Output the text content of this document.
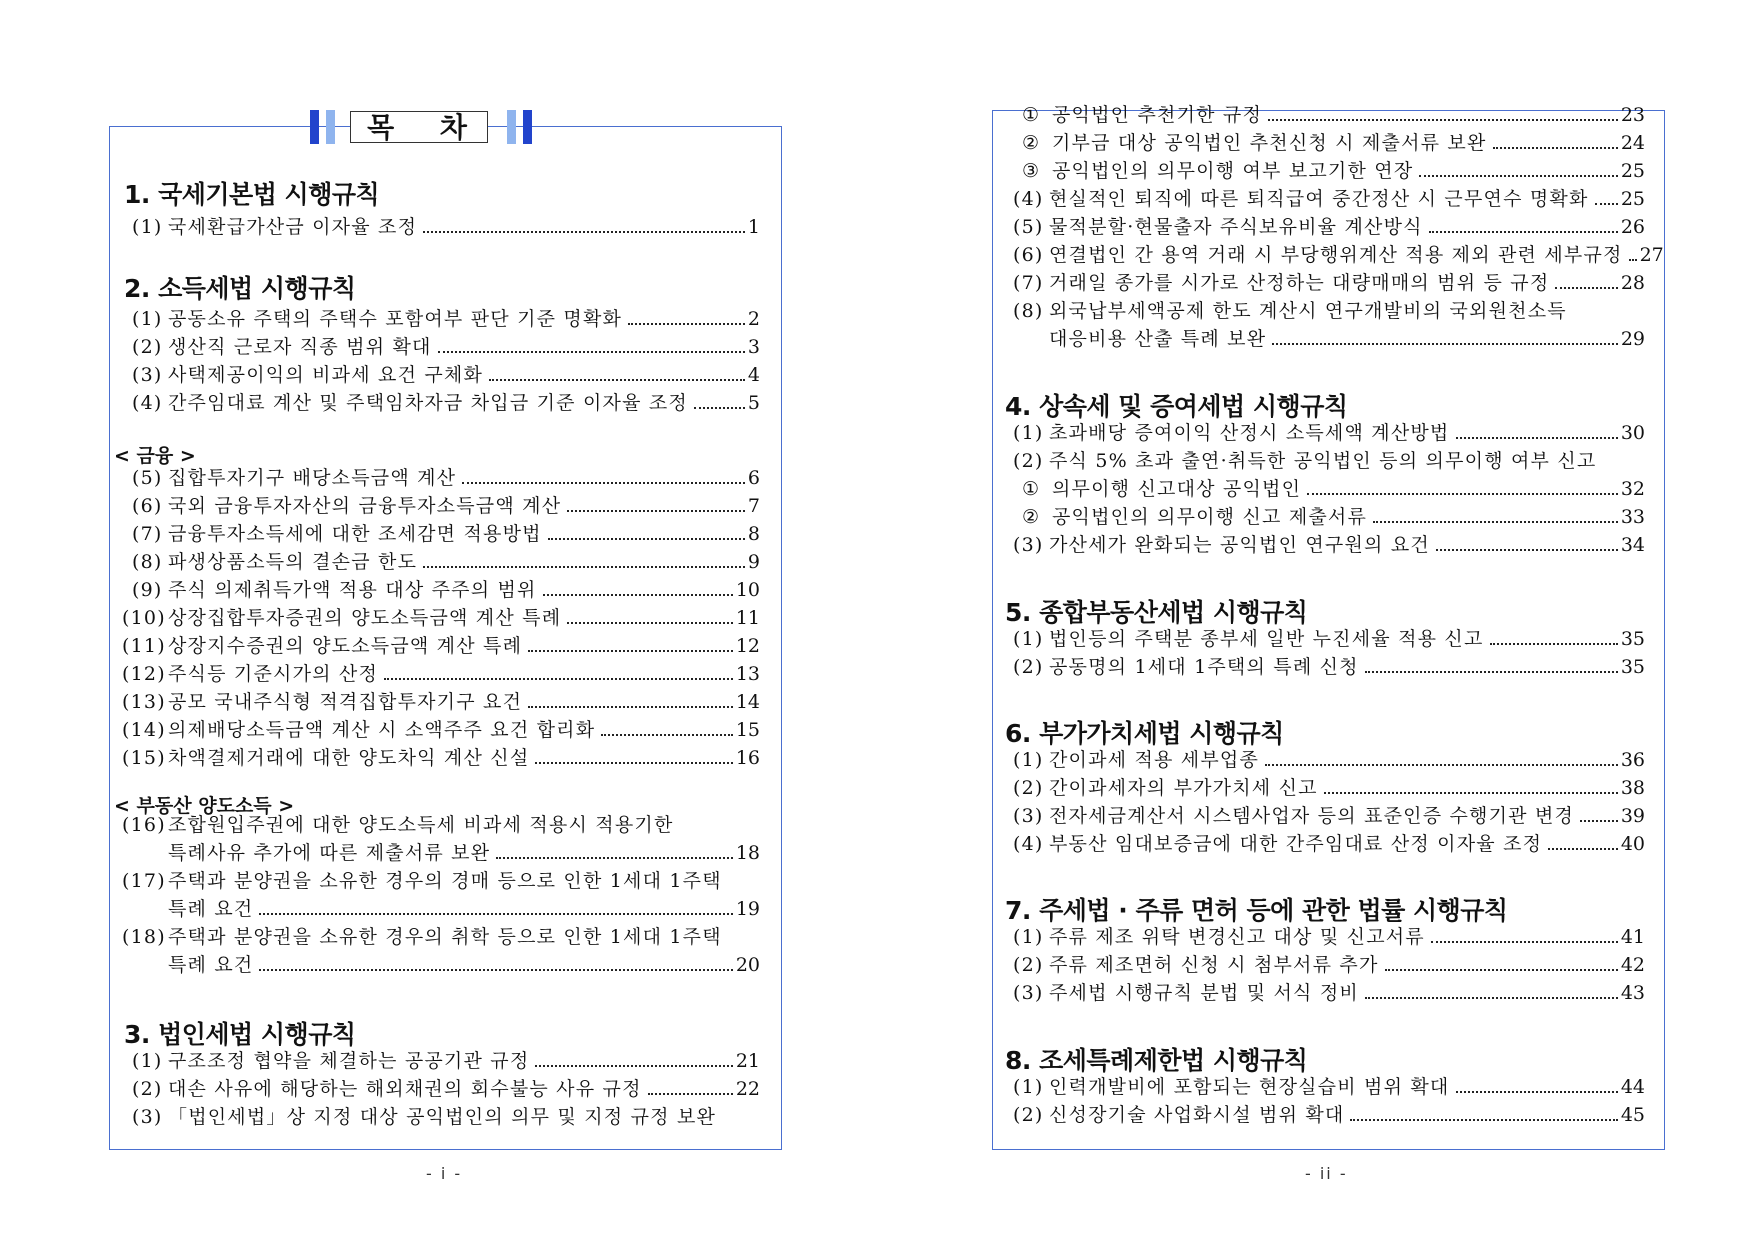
목 차
1. 국세기본법 시행규칙
2. 소득세법 시행규칙
3. 법인세법 시행규칙
< 금융 >
< 부동산 양도소득 >
(1) 국세환급가산금 이자율 조정	1
(1) 공동소유 주택의 주택수 포함여부 판단 기준 명확화	2
(2) 생산직 근로자 직종 범위 확대	3
(3) 사택제공이익의 비과세 요건 구체화	4
(4) 간주임대료 계산 및 주택임차자금 차입금 기준 이자율 조정	5
(5) 집합투자기구 배당소득금액 계산	6
(6) 국외 금융투자자산의 금융투자소득금액 계산	7
(7) 금융투자소득세에 대한 조세감면 적용방법	8
(8) 파생상품소득의 결손금 한도	9
(9) 주식 의제취득가액 적용 대상 주주의 범위	10
(10) 상장집합투자증권의 양도소득금액 계산 특례	11
(11) 상장지수증권의 양도소득금액 계산 특례	12
(12) 주식등 기준시가의 산정	13
(13) 공모 국내주식형 적격집합투자기구 요건	14
(14) 의제배당소득금액 계산 시 소액주주 요건 합리화	15
(15) 차액결제거래에 대한 양도차익 계산 신설	16
(16) 조합원입주권에 대한 양도소득세 비과세 적용시 적용기한
특례사유 추가에 따른 제출서류 보완	18
(17) 주택과 분양권을 소유한 경우의 경매 등으로 인한 1세대 1주택
특례 요건	19
(18) 주택과 분양권을 소유한 경우의 취학 등으로 인한 1세대 1주택
특례 요건	20
(1) 구조조정 협약을 체결하는 공공기관 규정	21
(2) 대손 사유에 해당하는 해외채권의 회수불능 사유 규정	22
(3) 「법인세법」상 지정 대상 공익법인의 의무 및 지정 규정 보완
4. 상속세 및 증여세법 시행규칙
5. 종합부동산세법 시행규칙
6. 부가가치세법 시행규칙
7. 주세법 · 주류 면허 등에 관한 법률 시행규칙
8. 조세특례제한법 시행규칙
① 공익법인 추천기한 규정	23
② 기부금 대상 공익법인 추천신청 시 제출서류 보완	24
③ 공익법인의 의무이행 여부 보고기한 연장	25
(4) 현실적인 퇴직에 따른 퇴직급여 중간정산 시 근무연수 명확화 25
(5) 물적분할·현물출자 주식보유비율 계산방식	26
(6) 연결법인 간 용역 거래 시 부당행위계산 적용 제외 관련 세부규정 27
(7) 거래일 종가를 시가로 산정하는 대량매매의 범위 등 규정	28
(8) 외국납부세액공제 한도 계산시 연구개발비의 국외원천소득
대응비용 산출 특례 보완	29
(1) 초과배당 증여이익 산정시 소득세액 계산방법	30
(2) 주식 5% 초과 출연·취득한 공익법인 등의 의무이행 여부 신고
① 의무이행 신고대상 공익법인	32
② 공익법인의 의무이행 신고 제출서류	33
(3) 가산세가 완화되는 공익법인 연구원의 요건	34
(1) 법인등의 주택분 종부세 일반 누진세율 적용 신고	35
(2) 공동명의 1세대 1주택의 특례 신청	35
(1) 간이과세 적용 세부업종	36
(2) 간이과세자의 부가가치세 신고	38
(3) 전자세금계산서 시스템사업자 등의 표준인증 수행기관 변경 39
(4) 부동산 임대보증금에 대한 간주임대료 산정 이자율 조정	40
(1) 주류 제조 위탁 변경신고 대상 및 신고서류	41
(2) 주류 제조면허 신청 시 첨부서류 추가	42
(3) 주세법 시행규칙 분법 및 서식 정비	43
(1) 인력개발비에 포함되는 현장실습비 범위 확대	44
(2) 신성장기술 사업화시설 범위 확대	45
- i -	- ii -
